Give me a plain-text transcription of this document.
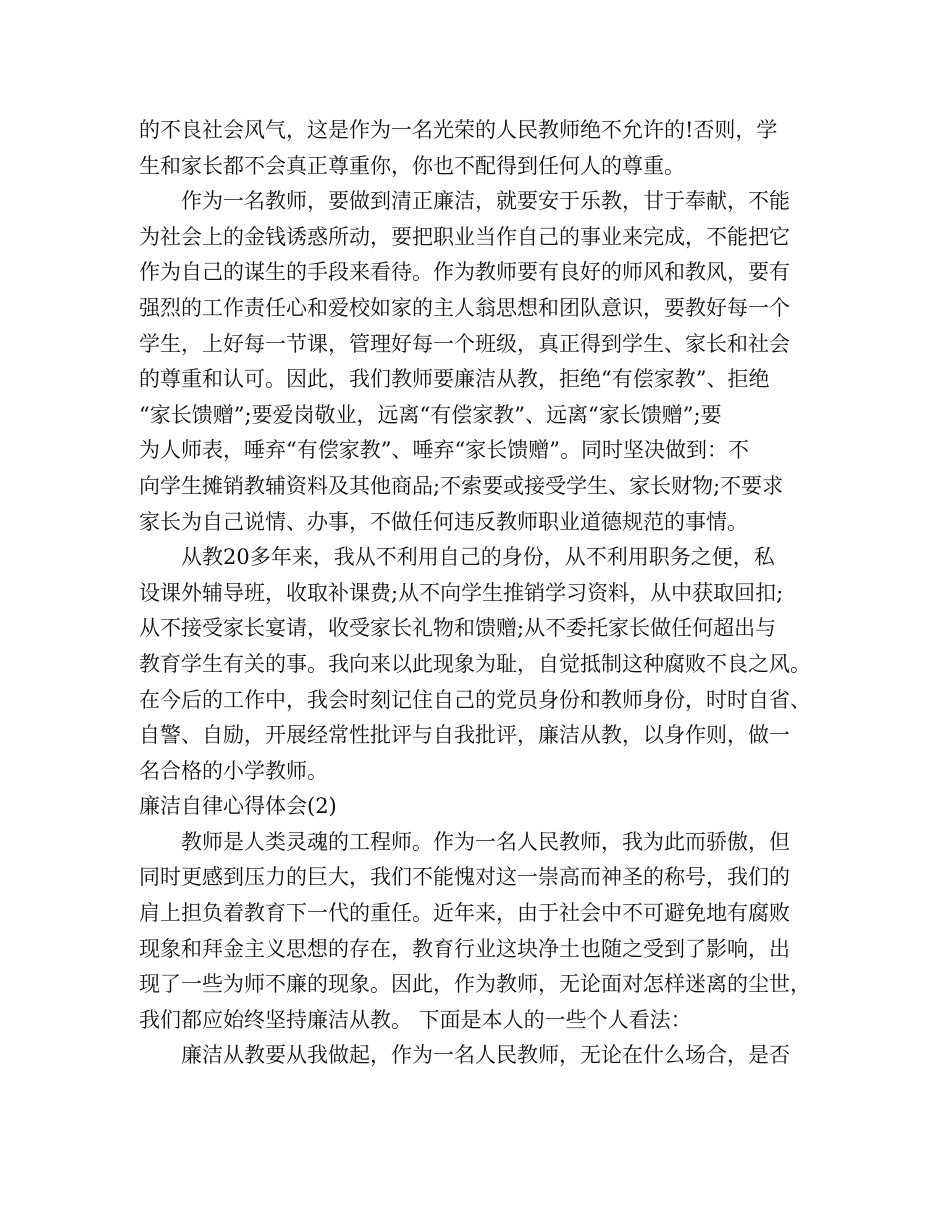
的不良社会风气，这是作为一名光荣的人民教师绝不允许的!否则，学
生和家长都不会真正尊重你，你也不配得到任何人的尊重。
作为一名教师，要做到清正廉洁，就要安于乐教，甘于奉献，不能
为社会上的金钱诱惑所动，要把职业当作自己的事业来完成，不能把它
作为自己的谋生的手段来看待。作为教师要有良好的师风和教风，要有
强烈的工作责任心和爱校如家的主人翁思想和团队意识，要教好每一个
学生，上好每一节课，管理好每一个班级，真正得到学生、家长和社会
的尊重和认可。因此，我们教师要廉洁从教，拒绝“有偿家教”、拒绝
“家长馈赠”;要爱岗敬业，远离“有偿家教”、远离“家长馈赠”;要
为人师表，唾弃“有偿家教”、唾弃“家长馈赠”。同时坚决做到：不
向学生摊销教辅资料及其他商品;不索要或接受学生、家长财物;不要求
家长为自己说情、办事，不做任何违反教师职业道德规范的事情。
从教20多年来，我从不利用自己的身份，从不利用职务之便，私
设课外辅导班，收取补课费;从不向学生推销学习资料，从中获取回扣;
从不接受家长宴请，收受家长礼物和馈赠;从不委托家长做任何超出与
教育学生有关的事。我向来以此现象为耻，自觉抵制这种腐败不良之风。
在今后的工作中，我会时刻记住自己的党员身份和教师身份，时时自省、
自警、自励，开展经常性批评与自我批评，廉洁从教，以身作则，做一
名合格的小学教师。
廉洁自律心得体会(2)
教师是人类灵魂的工程师。作为一名人民教师，我为此而骄傲，但
同时更感到压力的巨大，我们不能愧对这一崇高而神圣的称号，我们的
肩上担负着教育下一代的重任。近年来，由于社会中不可避免地有腐败
现象和拜金主义思想的存在，教育行业这块净土也随之受到了影响，出
现了一些为师不廉的现象。因此，作为教师，无论面对怎样迷离的尘世，
我们都应始终坚持廉洁从教。 下面是本人的一些个人看法：
廉洁从教要从我做起，作为一名人民教师，无论在什么场合，是否
